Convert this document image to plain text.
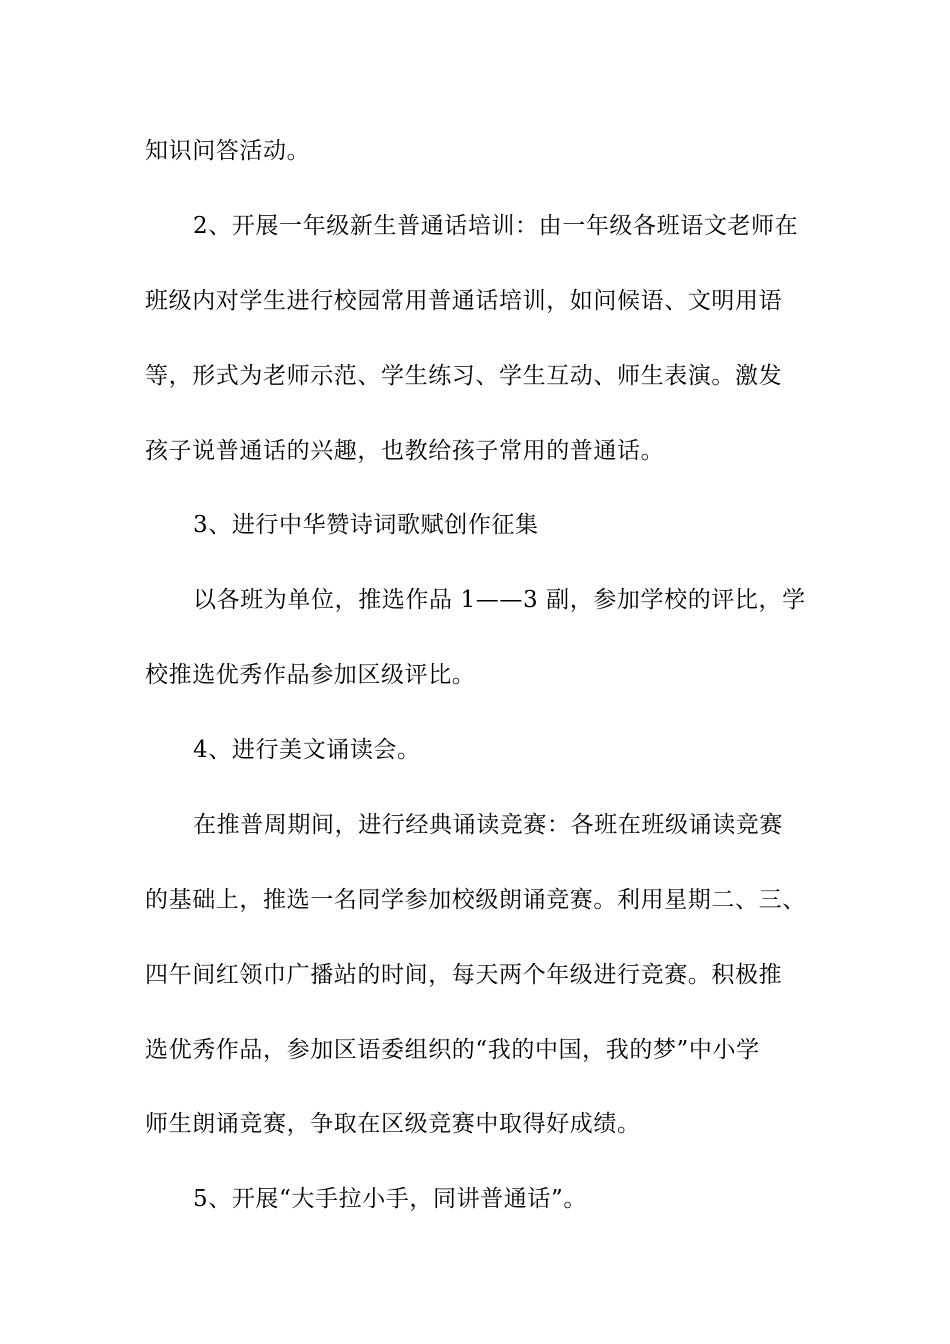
知识问答活动。
2、开展一年级新生普通话培训：由一年级各班语文老师在
班级内对学生进行校园常用普通话培训，如问候语、文明用语
等，形式为老师示范、学生练习、学生互动、师生表演。激发
孩子说普通话的兴趣，也教给孩子常用的普通话。
3、进行中华赞诗词歌赋创作征集
以各班为单位，推选作品 1——3 副，参加学校的评比，学
校推选优秀作品参加区级评比。
4、进行美文诵读会。
在推普周期间，进行经典诵读竞赛：各班在班级诵读竞赛
的基础上，推选一名同学参加校级朗诵竞赛。利用星期二、三、
四午间红领巾广播站的时间，每天两个年级进行竞赛。积极推
选优秀作品，参加区语委组织的“我的中国，我的梦”中小学
师生朗诵竞赛，争取在区级竞赛中取得好成绩。
5、开展“大手拉小手，同讲普通话”。
